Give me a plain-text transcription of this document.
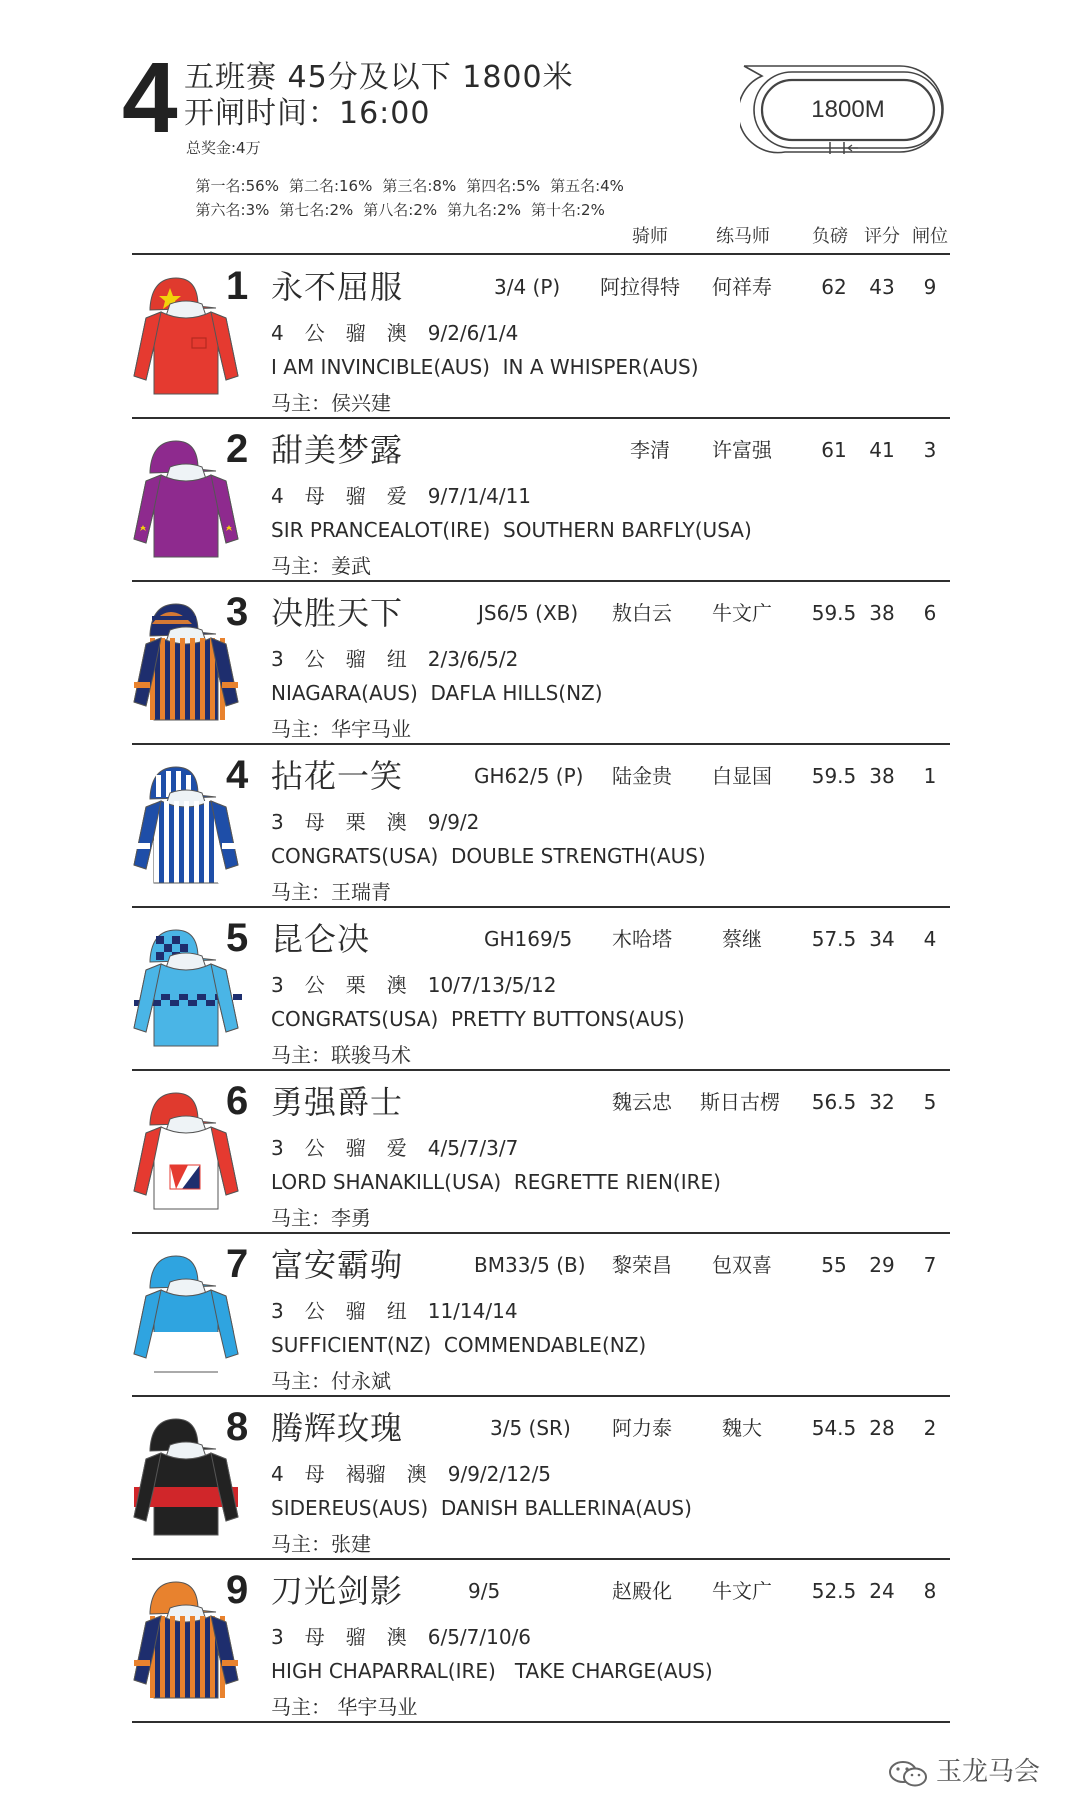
4 五班赛 45分及以下 1800米
开闸时间：16:00
总奖金:4万

第一名:56% 第二名:16% 第三名:8% 第四名:5% 第五名:4%

第六名:3% 第七名:2% 第八名:2% 第九名:2% 第十名:2%

1800M
骑师	练马师 负磅 评分 闸位
1 永不屈服	3/4 (P) 阿拉得特 何祥寿	62	43	9
4 公 骝 澳 9/2/6/1/4
I AM INVINCIBLE(AUS)  IN A WHISPER(AUS)
马主：侯兴建
2 甜美梦露	李清 许富强	61	41	3
4 母 骝 爱 9/7/1/4/11
SIR PRANCEALOT(IRE)  SOUTHERN BARFLY(USA)
马主：姜武
3 决胜天下	JS6/5 (XB) 敖白云 牛文广	59.5 38	6
3 公 骝 纽 2/3/6/5/2
NIAGARA(AUS)  DAFLA HILLS(NZ)
马主：华宇马业
4 拈花一笑	GH62/5 (P) 陆金贵 白显国	59.5 38	1
3 母 栗 澳 9/9/2
CONGRATS(USA)  DOUBLE STRENGTH(AUS)
马主：王瑞青
5 昆仑决	GH169/5 木哈塔	蔡继	57.5 34	4
3 公 栗 澳 10/7/13/5/12
CONGRATS(USA)  PRETTY BUTTONS(AUS)
马主：联骏马术
6 勇强爵士	魏云忠 斯日古楞	56.5 32	5
3 公 骝 爱 4/5/7/3/7
LORD SHANAKILL(USA)  REGRETTE RIEN(IRE)
马主：李勇
7 富安霸驹	BM33/5 (B) 黎荣昌 包双喜	55	29	7
3 公 骝 纽 11/14/14
SUFFICIENT(NZ)  COMMENDABLE(NZ)
马主：付永斌
8 腾辉玫瑰	3/5 (SR) 阿力泰	魏大	54.5 28	2
4 母 褐骝 澳 9/9/2/12/5
SIDEREUS(AUS)  DANISH BALLERINA(AUS)
马主：张建
9 刀光剑影	9/5	赵殿化 牛文广	52.5 24	8
3 母 骝 澳 6/5/7/10/6
HIGH CHAPARRAL(IRE)   TAKE CHARGE(AUS)
马主： 华宇马业
玉龙马会
